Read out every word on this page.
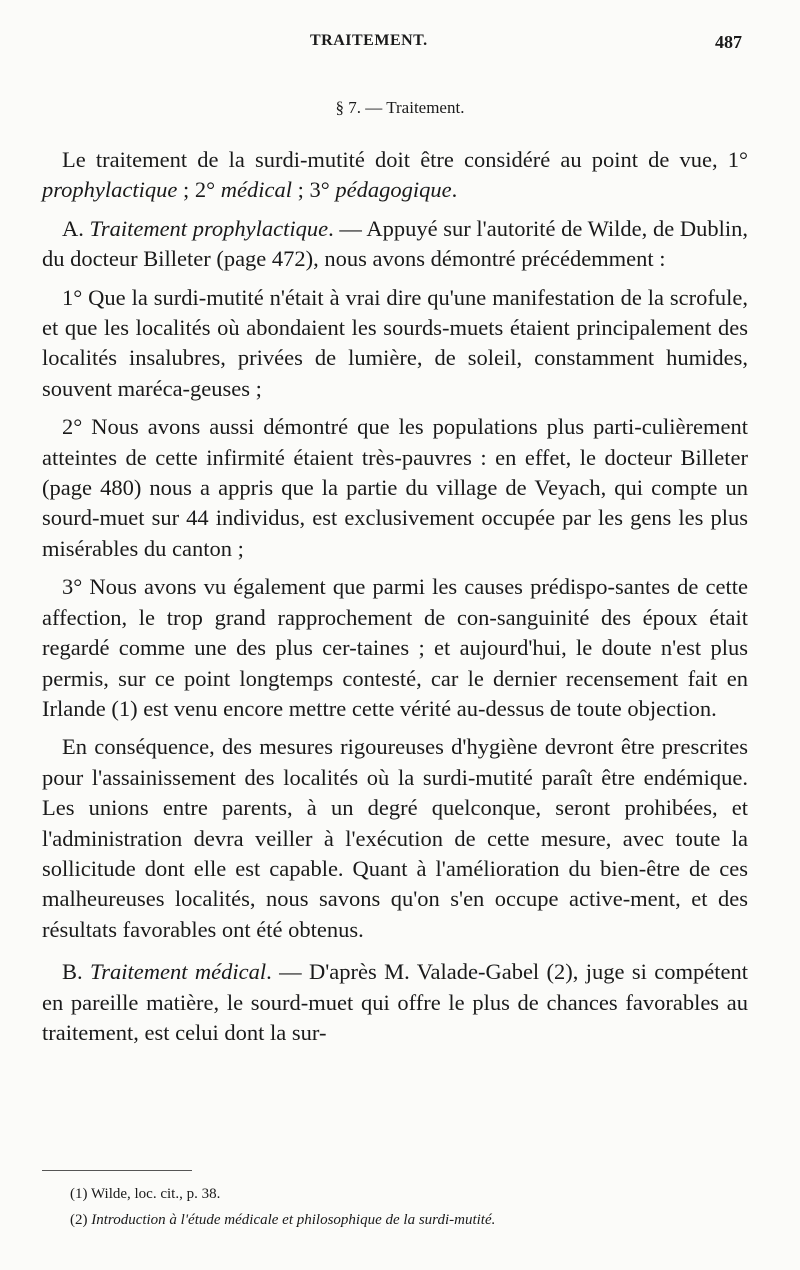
TRAITEMENT.	487
§ 7. — Traitement.

Le traitement de la surdi-mutité doit être considéré au point de vue, 1° prophylactique ; 2° médical ; 3° pédagogique.

A. Traitement prophylactique. — Appuyé sur l'autorité de Wilde, de Dublin, du docteur Billeter (page 472), nous avons démontré précédemment :

1° Que la surdi-mutité n'était à vrai dire qu'une manifestation de la scrofule, et que les localités où abondaient les sourds-muets étaient principalement des localités insalubres, privées de lumière, de soleil, constamment humides, souvent maréca-geuses ;

2° Nous avons aussi démontré que les populations plus parti-culièrement atteintes de cette infirmité étaient très-pauvres : en effet, le docteur Billeter (page 480) nous a appris que la partie du village de Veyach, qui compte un sourd-muet sur 44 individus, est exclusivement occupée par les gens les plus misérables du canton ;

3° Nous avons vu également que parmi les causes prédispo-santes de cette affection, le trop grand rapprochement de con-sanguinité des époux était regardé comme une des plus cer-taines ; et aujourd'hui, le doute n'est plus permis, sur ce point longtemps contesté, car le dernier recensement fait en Irlande (1) est venu encore mettre cette vérité au-dessus de toute objection.

En conséquence, des mesures rigoureuses d'hygiène devront être prescrites pour l'assainissement des localités où la surdi-mutité paraît être endémique. Les unions entre parents, à un degré quelconque, seront prohibées, et l'administration devra veiller à l'exécution de cette mesure, avec toute la sollicitude dont elle est capable. Quant à l'amélioration du bien-être de ces malheureuses localités, nous savons qu'on s'en occupe active-ment, et des résultats favorables ont été obtenus.

B. Traitement médical. — D'après M. Valade-Gabel (2), juge si compétent en pareille matière, le sourd-muet qui offre le plus de chances favorables au traitement, est celui dont la sur-

(1) Wilde, loc. cit., p. 38.
(2) Introduction à l'étude médicale et philosophique de la surdi-mutité.
